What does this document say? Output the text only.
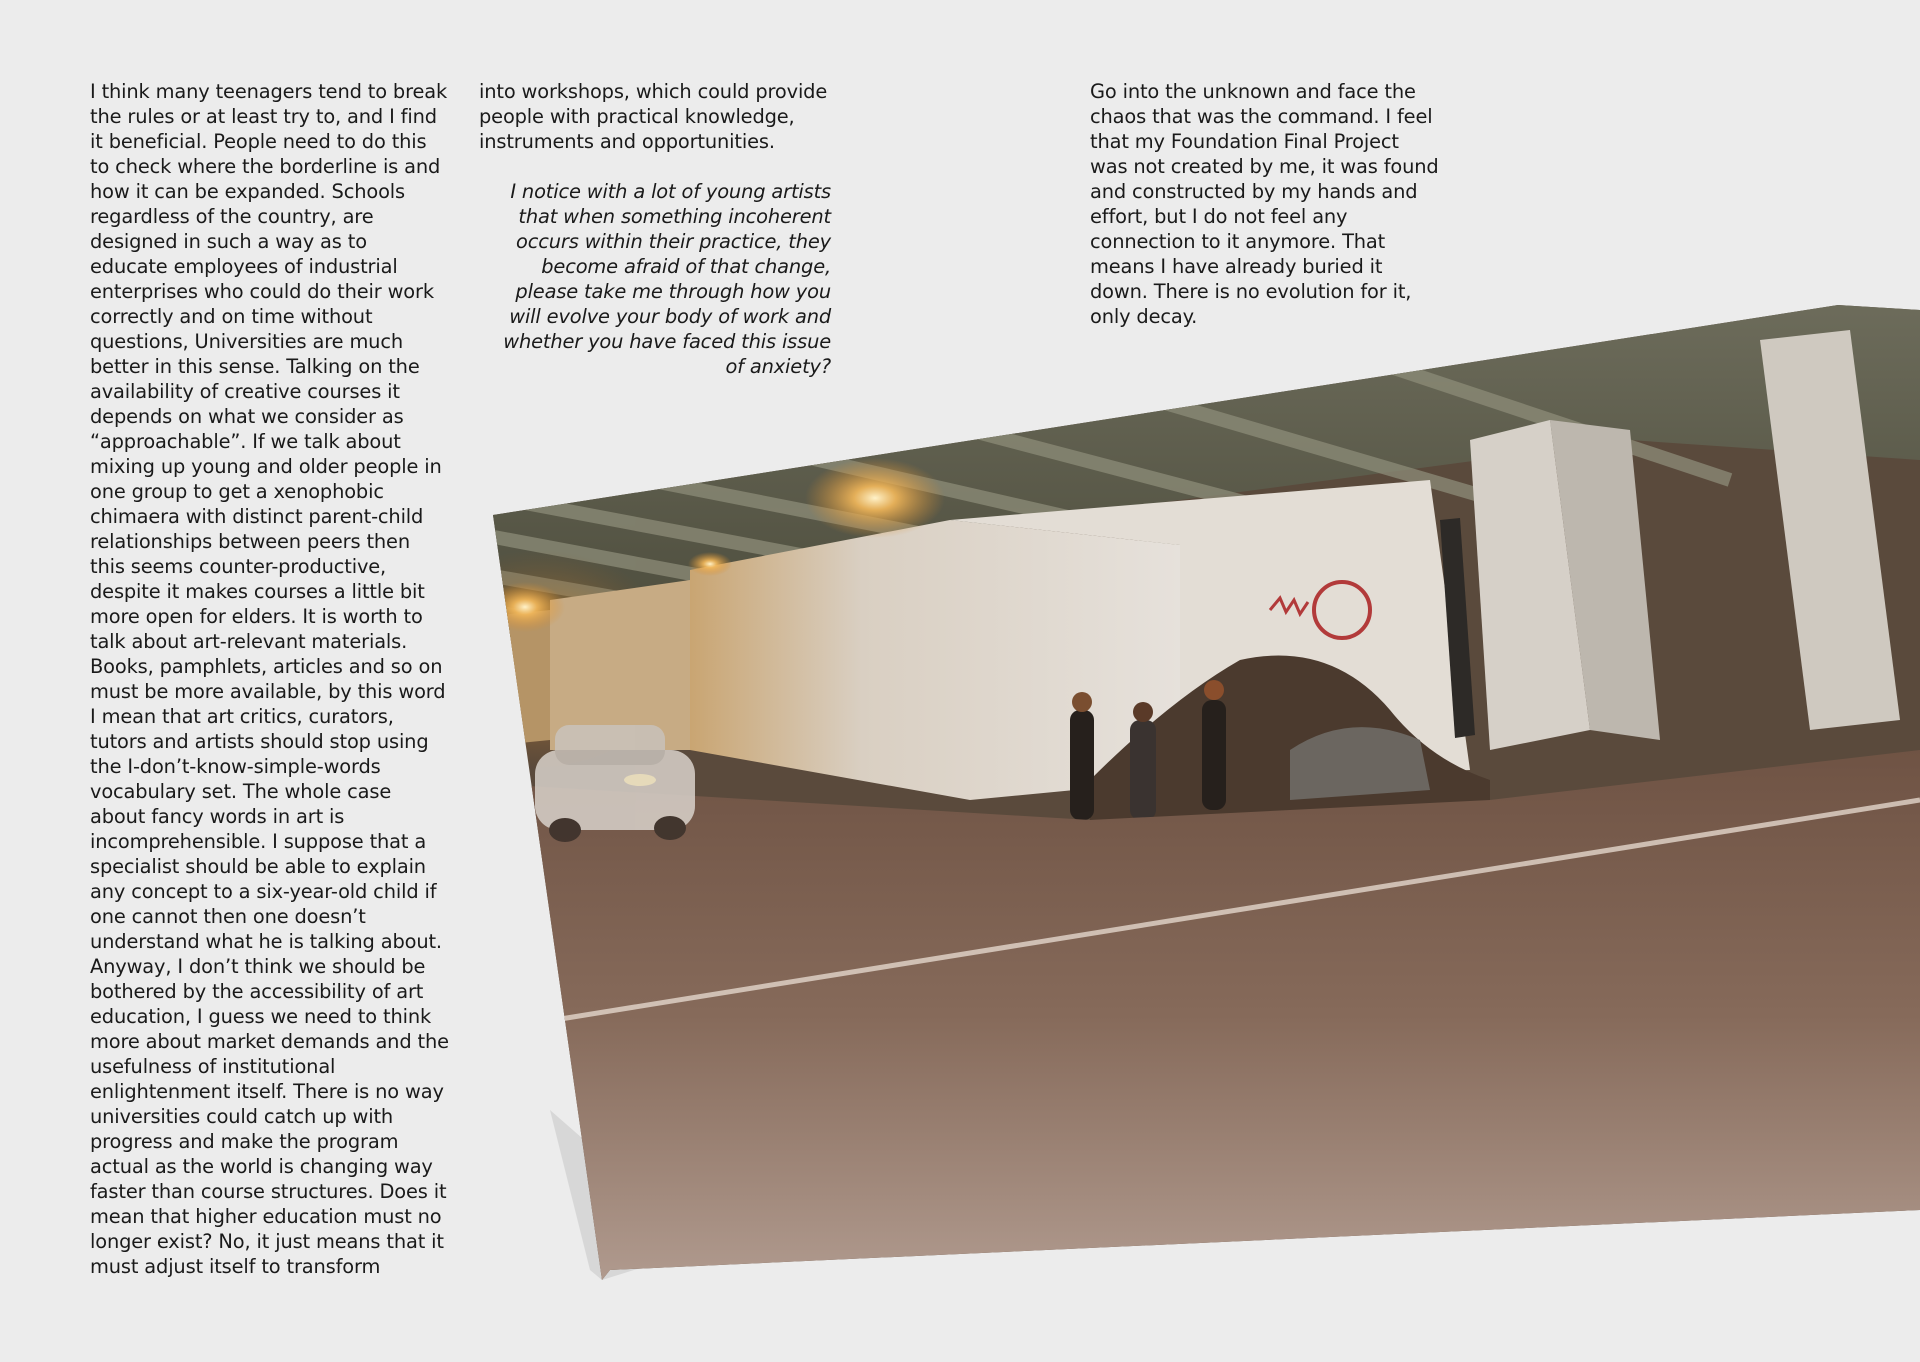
I think many teenagers tend to break the rules or at least try to, and I find it beneficial. People need to do this to check where the borderline is and how it can be expanded. Schools regardless of the country, are designed in such a way as to educate employees of industrial enterprises who could do their work correctly and on time without questions, Universities are much better in this sense. Talking on the availability of creative courses it depends on what we consider as “approachable”. If we talk about mixing up young and older people in one group to get a xenophobic chimaera with distinct parent-child relationships between peers then this seems counter-productive, despite it makes courses a little bit more open for elders. It is worth to talk about art-relevant materials. Books, pamphlets, articles and so on must be more available, by this word I mean that art critics, curators, tutors and artists should stop using the I-don’t-know-simple-words vocabulary set. The whole case about fancy words in art is incomprehensible. I suppose that a specialist should be able to explain any concept to a six-year-old child if one cannot then one doesn’t understand what he is talking about. Anyway, I don’t think we should be bothered by the accessibility of art education, I guess we need to think more about market demands and the usefulness of institutional enlightenment itself. There is no way universities could catch up with progress and make the program actual as the world is changing way faster than course structures. Does it mean that higher education must no longer exist? No, it just means that it must adjust itself to transform

into workshops, which could provide people with practical knowledge, instruments and opportunities.

I notice with a lot of young artists that when something incoherent occurs within their practice, they become afraid of that change, please take me through how you will evolve your body of work and whether you have faced this issue of anxiety?

Go into the unknown and face the chaos that was the command. I feel that my Foundation Final Project was not created by me, it was found and constructed by my hands and effort, but I do not feel any connection to it anymore. That means I have already buried it down. There is no evolution for it, only decay.
